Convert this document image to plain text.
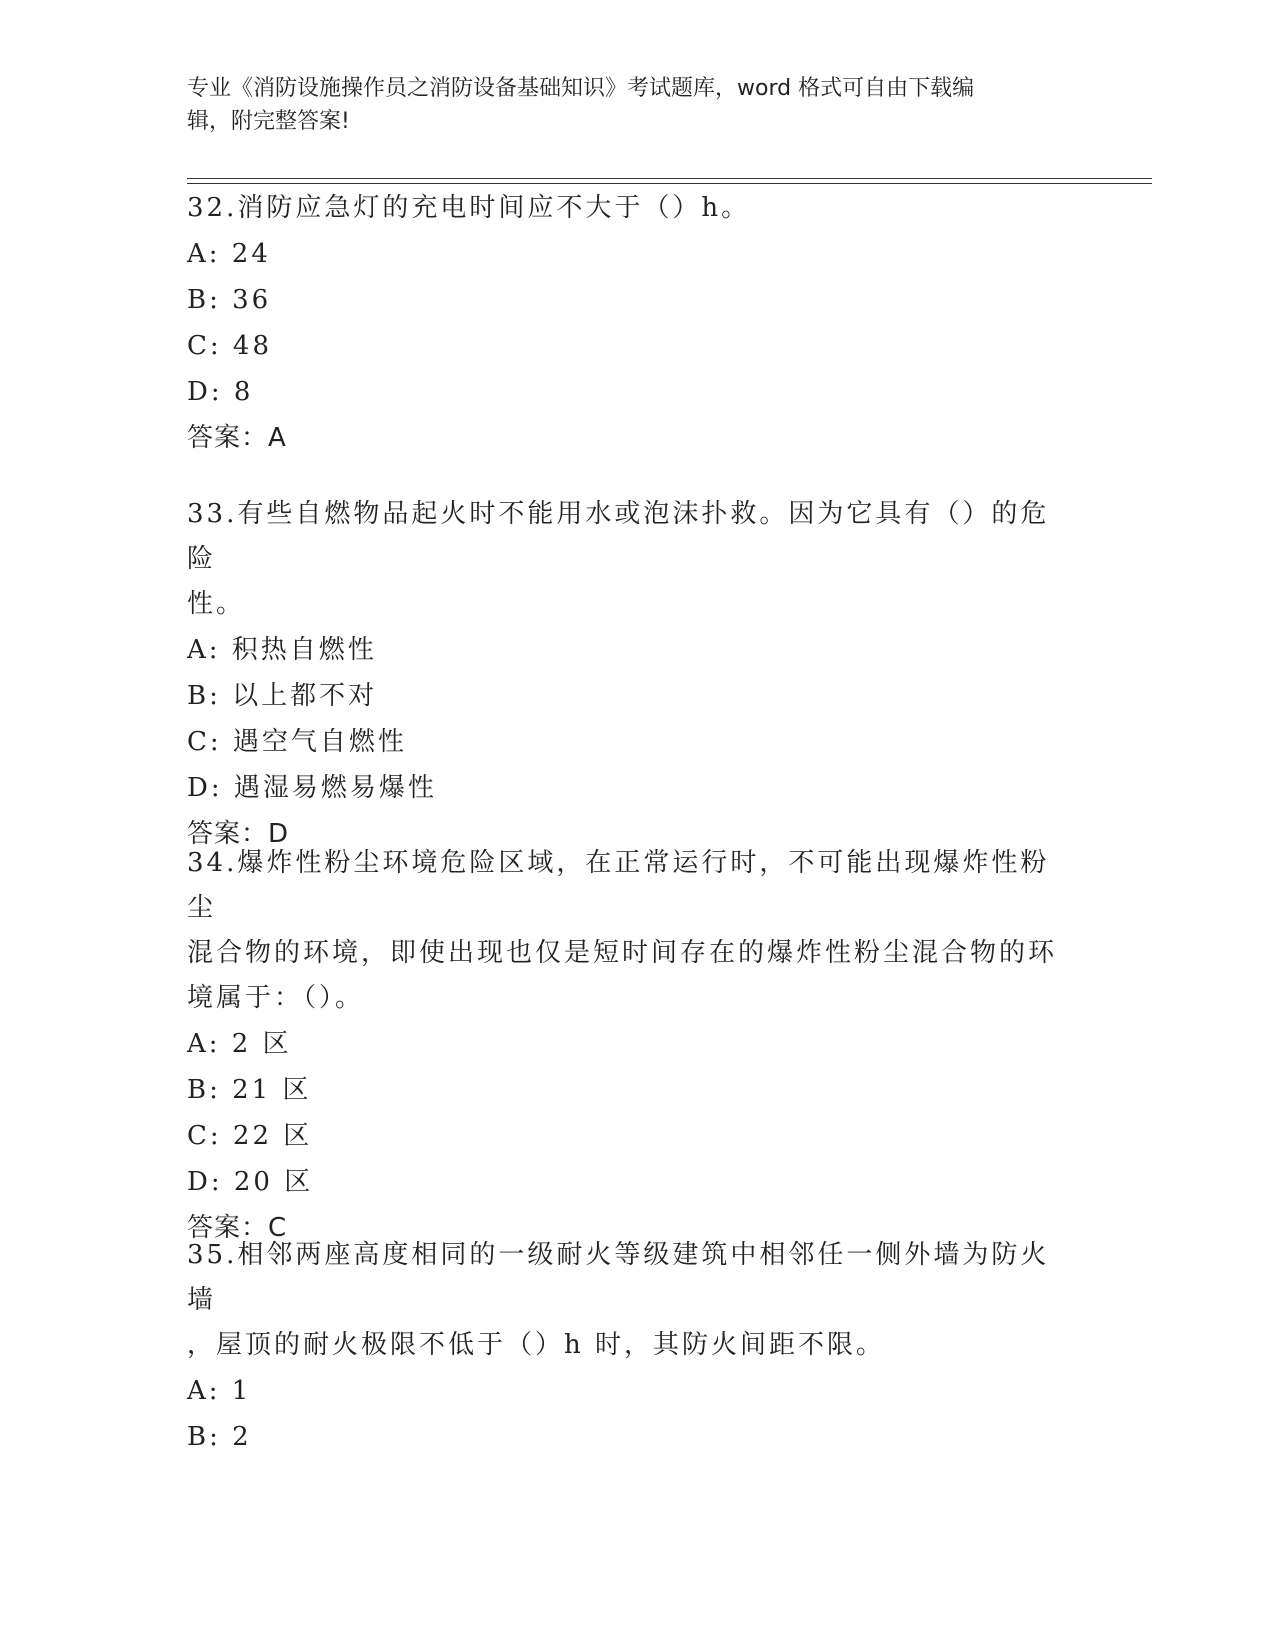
专业《消防设施操作员之消防设备基础知识》考试题库，word 格式可自由下载编
辑，附完整答案!
32.消防应急灯的充电时间应不大于（）h。
A: 24
B: 36
C: 48
D: 8
答案：A
33.有些自燃物品起火时不能用水或泡沫扑救。因为它具有（）的危险
性。
A: 积热自燃性
B: 以上都不对
C: 遇空气自燃性
D: 遇湿易燃易爆性
答案：D
34.爆炸性粉尘环境危险区域，在正常运行时，不可能出现爆炸性粉尘
混合物的环境，即使出现也仅是短时间存在的爆炸性粉尘混合物的环
境属于：（）。
A: 2 区
B: 21 区
C: 22 区
D: 20 区
答案：C
35.相邻两座高度相同的一级耐火等级建筑中相邻任一侧外墙为防火墙
，屋顶的耐火极限不低于（）h 时，其防火间距不限。
A: 1
B: 2
